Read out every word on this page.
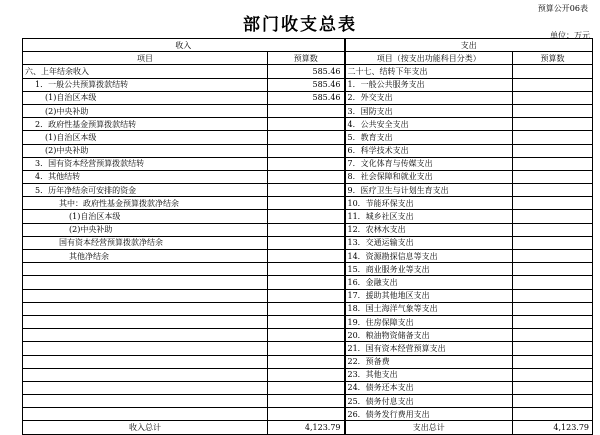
预算公开06表
部门收支总表
单位：万元
收入		支出	
项目	预算数	项目（按支出功能科目分类）	预算数
六、上年结余收入	585.46	二十七、结转下年支出	
1．一般公共预算拨款结转	585.46	1．一般公共服务支出	
(1)自治区本级	585.46	2．外交支出	
(2)中央补助		3．国防支出	
2．政府性基金预算拨款结转		4．公共安全支出	
(1)自治区本级		5．教育支出	
(2)中央补助		6．科学技术支出	
3．国有资本经营预算拨款结转		7．文化体育与传媒支出	
4．其他结转		8．社会保障和就业支出	
5．历年净结余可安排的资金		9．医疗卫生与计划生育支出	
其中：政府性基金预算拨款净结余		10．节能环保支出	
(1)自治区本级		11．城乡社区支出	
(2)中央补助		12．农林水支出	
国有资本经营预算拨款净结余		13．交通运输支出	
其他净结余		14．资源勘探信息等支出	
		15．商业服务业等支出	
		16．金融支出	
		17．援助其他地区支出	
		18．国土海洋气象等支出	
		19．住房保障支出	
		20．粮油物资储备支出	
		21．国有资本经营预算支出	
		22．预备费	
		23．其他支出	
		24．债务还本支出	
		25．债务付息支出	
		26．债务发行费用支出	
收入总计	4,123.79	支出总计	4,123.79
